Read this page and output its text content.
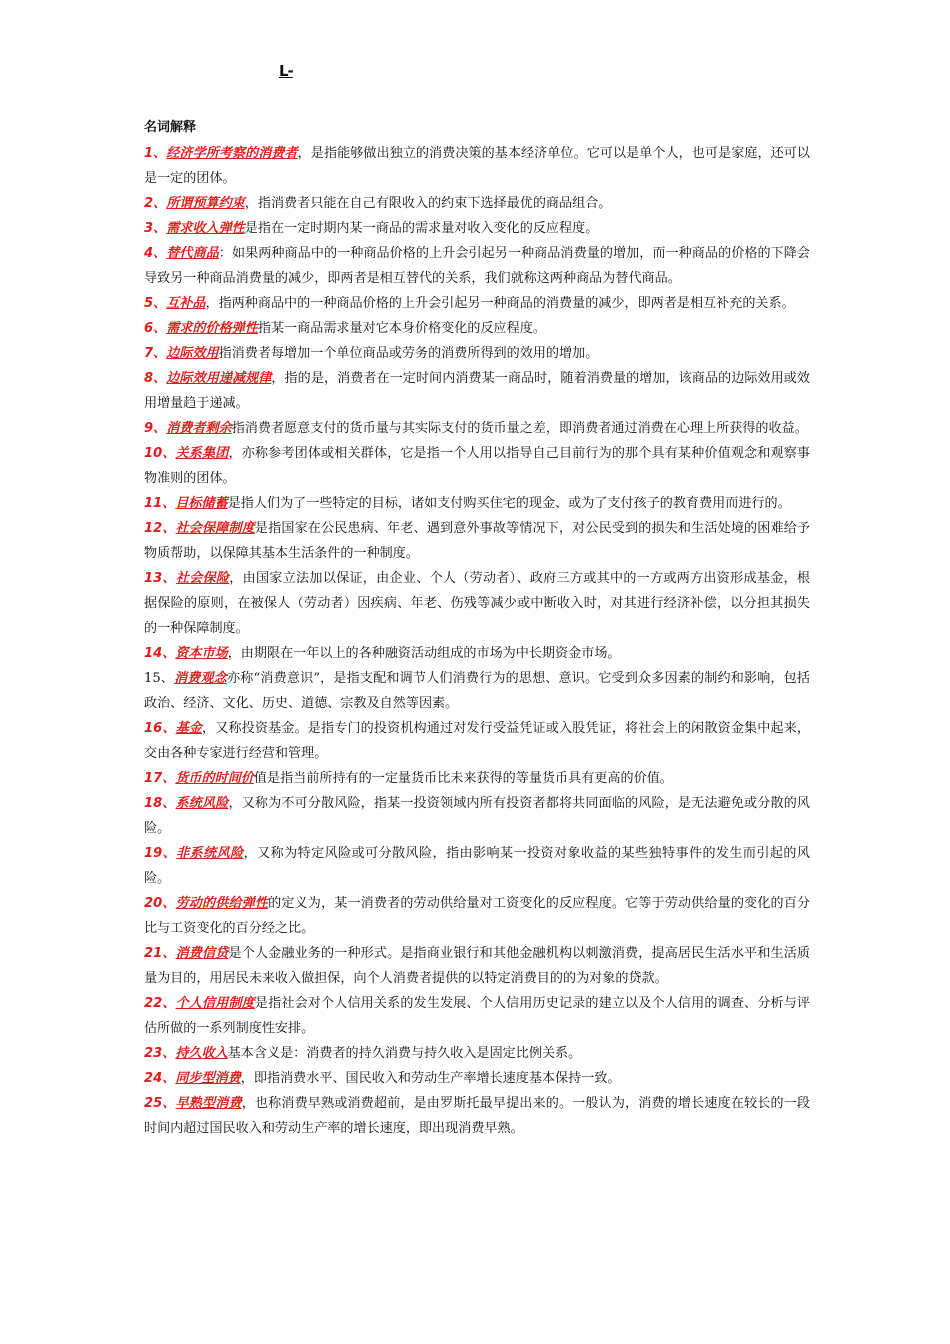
L-
名词解释

1、经济学所考察的消费者，是指能够做出独立的消费决策的基本经济单位。它可以是单个人，也可是家庭，还可以是一定的团体。

2、所谓预算约束，指消费者只能在自己有限收入的约束下选择最优的商品组合。

3、需求收入弹性是指在一定时期内某一商品的需求量对收入变化的反应程度。

4、替代商品：如果两种商品中的一种商品价格的上升会引起另一种商品消费量的增加，而一种商品的价格的下降会导致另一种商品消费量的减少，即两者是相互替代的关系，我们就称这两种商品为替代商品。

5、互补品，指两种商品中的一种商品价格的上升会引起另一种商品的消费量的减少，即两者是相互补充的关系。

6、需求的价格弹性指某一商品需求量对它本身价格变化的反应程度。

7、边际效用指消费者每增加一个单位商品或劳务的消费所得到的效用的增加。

8、边际效用递减规律，指的是，消费者在一定时间内消费某一商品时，随着消费量的增加，该商品的边际效用或效用增量趋于递减。

9、消费者剩余指消费者愿意支付的货币量与其实际支付的货币量之差，即消费者通过消费在心理上所获得的收益。

10、关系集团，亦称参考团体或相关群体，它是指一个人用以指导自己目前行为的那个具有某种价值观念和观察事物准则的团体。

11、目标储蓄是指人们为了一些特定的目标，诸如支付购买住宅的现金、或为了支付孩子的教育费用而进行的。

12、社会保障制度是指国家在公民患病、年老、遇到意外事故等情况下，对公民受到的损失和生活处境的困难给予物质帮助，以保障其基本生活条件的一种制度。

13、社会保险，由国家立法加以保证，由企业、个人（劳动者）、政府三方或其中的一方或两方出资形成基金，根据保险的原则，在被保人（劳动者）因疾病、年老、伤残等减少或中断收入时，对其进行经济补偿，以分担其损失的一种保障制度。

14、资本市场，由期限在一年以上的各种融资活动组成的市场为中长期资金市场。

15、消费观念亦称“消费意识”，是指支配和调节人们消费行为的思想、意识。它受到众多因素的制约和影响，包括政治、经济、文化、历史、道德、宗教及自然等因素。

16、基金，又称投资基金。是指专门的投资机构通过对发行受益凭证或入股凭证，将社会上的闲散资金集中起来，交由各种专家进行经营和管理。

17、货币的时间价值是指当前所持有的一定量货币比未来获得的等量货币具有更高的价值。

18、系统风险，又称为不可分散风险，指某一投资领域内所有投资者都将共同面临的风险，是无法避免或分散的风险。

19、非系统风险，又称为特定风险或可分散风险，指由影响某一投资对象收益的某些独特事件的发生而引起的风险。

20、劳动的供给弹性的定义为，某一消费者的劳动供给量对工资变化的反应程度。它等于劳动供给量的变化的百分比与工资变化的百分经之比。

21、消费信贷是个人金融业务的一种形式。是指商业银行和其他金融机构以刺激消费，提高居民生活水平和生活质量为目的，用居民未来收入做担保，向个人消费者提供的以特定消费目的的为对象的贷款。

22、个人信用制度是指社会对个人信用关系的发生发展、个人信用历史记录的建立以及个人信用的调查、分析与评估所做的一系列制度性安排。

23、持久收入基本含义是：消费者的持久消费与持久收入是固定比例关系。

24、同步型消费，即指消费水平、国民收入和劳动生产率增长速度基本保持一致。

25、早熟型消费，也称消费早熟或消费超前，是由罗斯托最早提出来的。一般认为，消费的增长速度在较长的一段时间内超过国民收入和劳动生产率的增长速度，即出现消费早熟。
